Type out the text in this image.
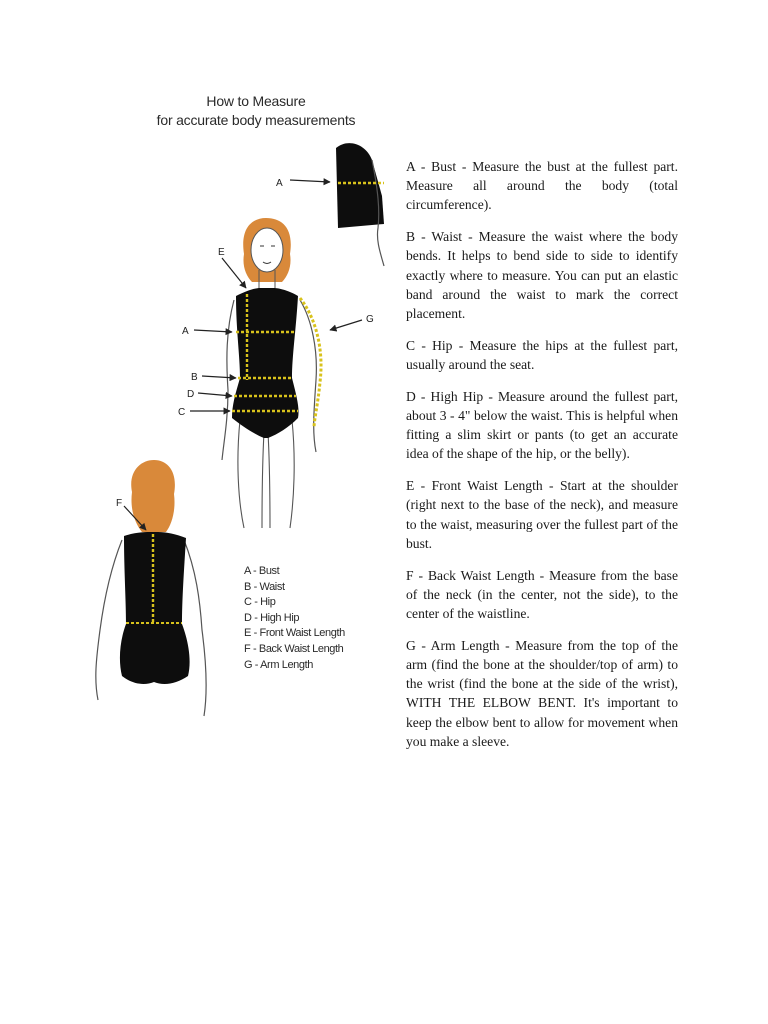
How to Measure
for accurate body measurements
A
E
A
G
B
D
C
F
A - Bust
B - Waist
C - Hip
D - High Hip
E - Front Waist Length
F - Back Waist Length
G - Arm Length

A - Bust - Measure the bust at the fullest part. Measure all around the body (total circumference).

B - Waist - Measure the waist where the body bends. It helps to bend side to side to identify exactly where to measure. You can put an elastic band around the waist to mark the correct placement.

C - Hip - Measure the hips at the fullest part, usually around the seat.

D - High Hip - Measure around the fullest part, about 3 - 4" below the waist. This is helpful when fitting a slim skirt or pants (to get an accurate idea of the shape of the hip, or the belly).

E - Front Waist Length - Start at the shoulder (right next to the base of the neck), and measure to the waist, measuring over the fullest part of the bust.

F - Back Waist Length - Measure from the base of the neck (in the center, not the side), to the center of the waistline.

G - Arm Length - Measure from the top of the arm (find the bone at the shoulder/top of arm) to the wrist (find the bone at the side of the wrist), WITH THE ELBOW BENT. It's important to keep the elbow bent to allow for movement when you make a sleeve.
